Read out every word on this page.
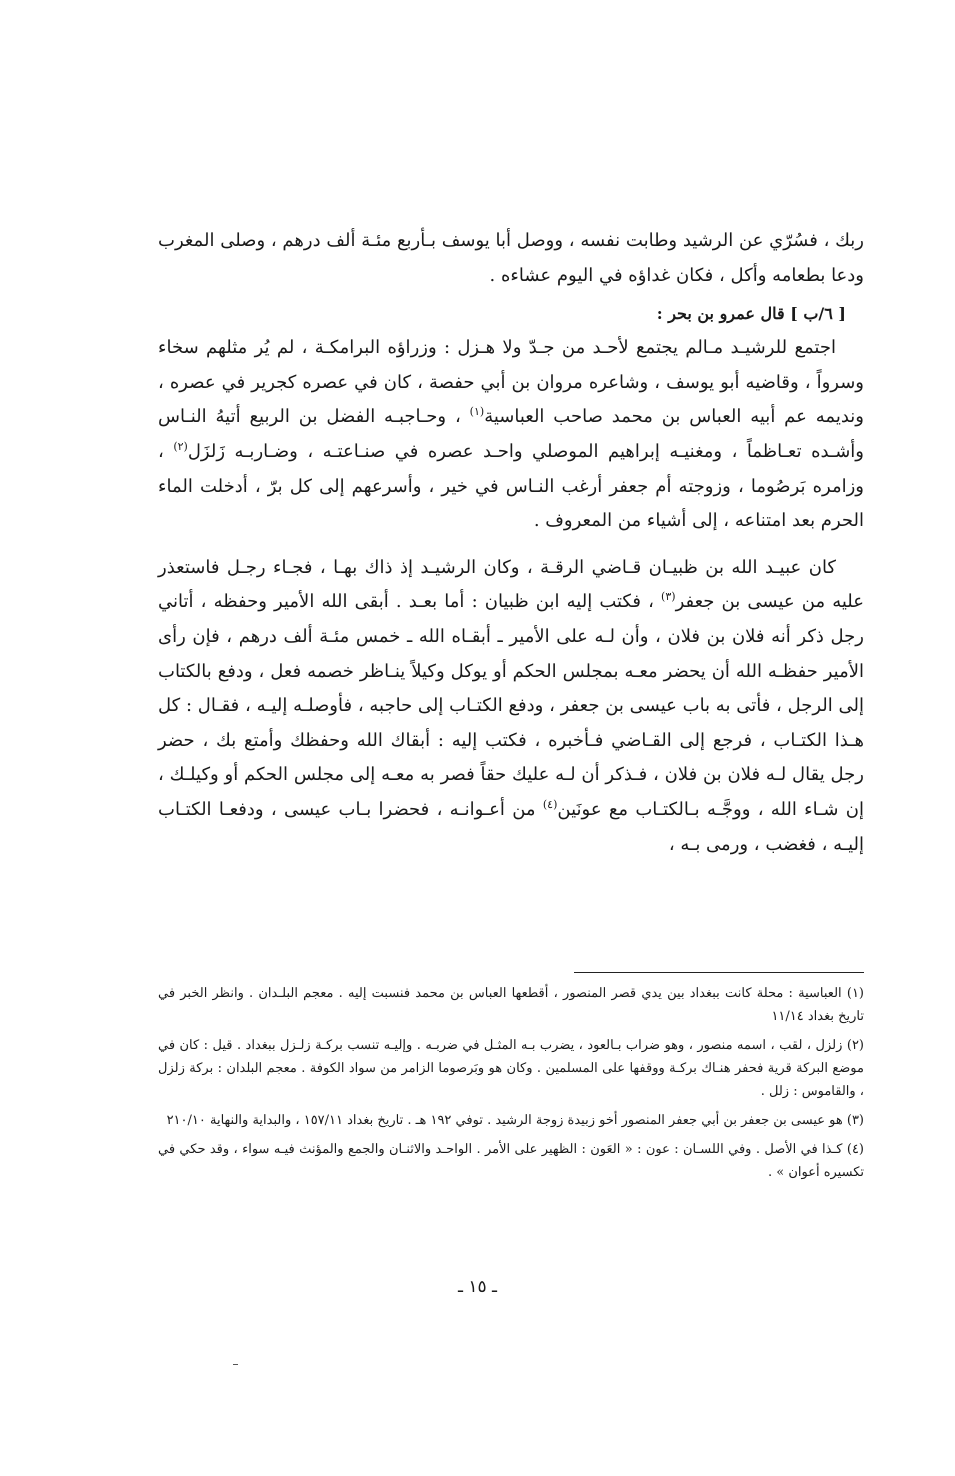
ربك ، فسُرّي عن الرشيد وطابت نفسه ، ووصل أبا يوسف بـأربع مئـة ألف درهم ، وصلى المغرب ودعا بطعامه وأكل ، فكان غداؤه في اليوم عشاءه .

[ ٦/ب ] قال عمرو بن بحر :

اجتمع للرشيـد مـالم يجتمع لأحـد من جـدّ ولا هـزل : وزراؤه البرامكـة ، لم يُر مثلهم سخاء وسرواً ، وقاضيه أبو يوسف ، وشاعره مروان بن أبي حفصة ، كان في عصره كجرير في عصره ، ونديمه عم أبيه العباس بن محمد صاحب العباسية$^{(١)}$ ، وحـاجبـه الفضل بن الربيع أتيهُ النـاس وأشـده تعـاظماً ، ومغنيـه إبراهيم الموصلي واحـد عصره في صنـاعتـه ، وضـاربـه زَلزَل$^{(٢)}$ ، وزامره بَرصُوما ، وزوجته أم جعفر أرغب النـاس في خير ، وأسرعهم إلى كل برّ ، أدخلت الماء الحرم بعد امتناعه ، إلى أشياء من المعروف .

كان عبيـد الله بن ظبيـان قـاضي الرقـة ، وكان الرشيـد إذ ذاك بهـا ، فجـاء رجـل فاستعذر عليه من عيسى بن جعفر$^{(٣)}$ ، فكتب إليه ابن ظبيان : أما بعـد . أبقى الله الأمير وحفظه ، أتاني رجل ذكر أنه فلان بن فلان ، وأن لـه على الأمير ـ أبقـاه الله ـ خمس مئـة ألف درهم ، فإن رأى الأمير حفظـه الله أن يحضر معـه بمجلس الحكم أو يوكل وكيلاً ينـاظر خصمه فعل ، ودفع بالكتاب إلى الرجل ، فأتى به باب عيسى بن جعفر ، ودفع الكتـاب إلى حاجبه ، فأوصلـه إليـه ، فقـال : كل هـذا الكتـاب ، فرجع إلى القـاضي فـأخبره ، فكتب إليه : أبقاك الله وحفظك وأمتع بك ، حضر رجل يقال لـه فلان بن فلان ، فـذكر أن لـه عليك حقاً فصر به معـه إلى مجلس الحكم أو وكيلـك ، إن شـاء الله ، ووجَّـه بـالكتـاب مع عونَين$^{(٤)}$ من أعـوانـه ، فحضرا بـاب عيسى ، ودفعـا الكتـاب إليـه ، فغضب ، ورمى بـه ،

(١) العباسية : محلة كانت ببغداد بين يدي قصر المنصور ، أقطعها العباس بن محمد فنسبت إليه . معجم البلـدان . وانظر الخبر في تاريخ بغداد ١١/١٤

(٢) زلزل ، لقب ، اسمه منصور ، وهو ضراب بـالعود ، يضرب بـه المثـل في ضربـه . وإليـه تنسب بركـة زلـزل ببغداد . قيل : كان في موضع البركة قرية فحفر هنـاك بركـة ووقفها على المسلمين . وكان هو وبَرصوما الزامر من سواد الكوفة . معجم البلدان : بركة زلزل ، والقاموس : زلل .

(٣) هو عيسى بن جعفر بن أبي جعفر المنصور أخو زبيدة زوجة الرشيد . توفي ١٩٢ هـ . تاريخ بغداد ١٥٧/١١ ، والبداية والنهاية ٢١٠/١٠

(٤) كـذا في الأصل . وفي اللسـان : عون : « العَون : الظهير على الأمر . الواحـد والاثنـان والجمع والمؤنث فيـه سواء ، وقد حكي في تكسيره أعوان » .

ـ ١٥ ـ
